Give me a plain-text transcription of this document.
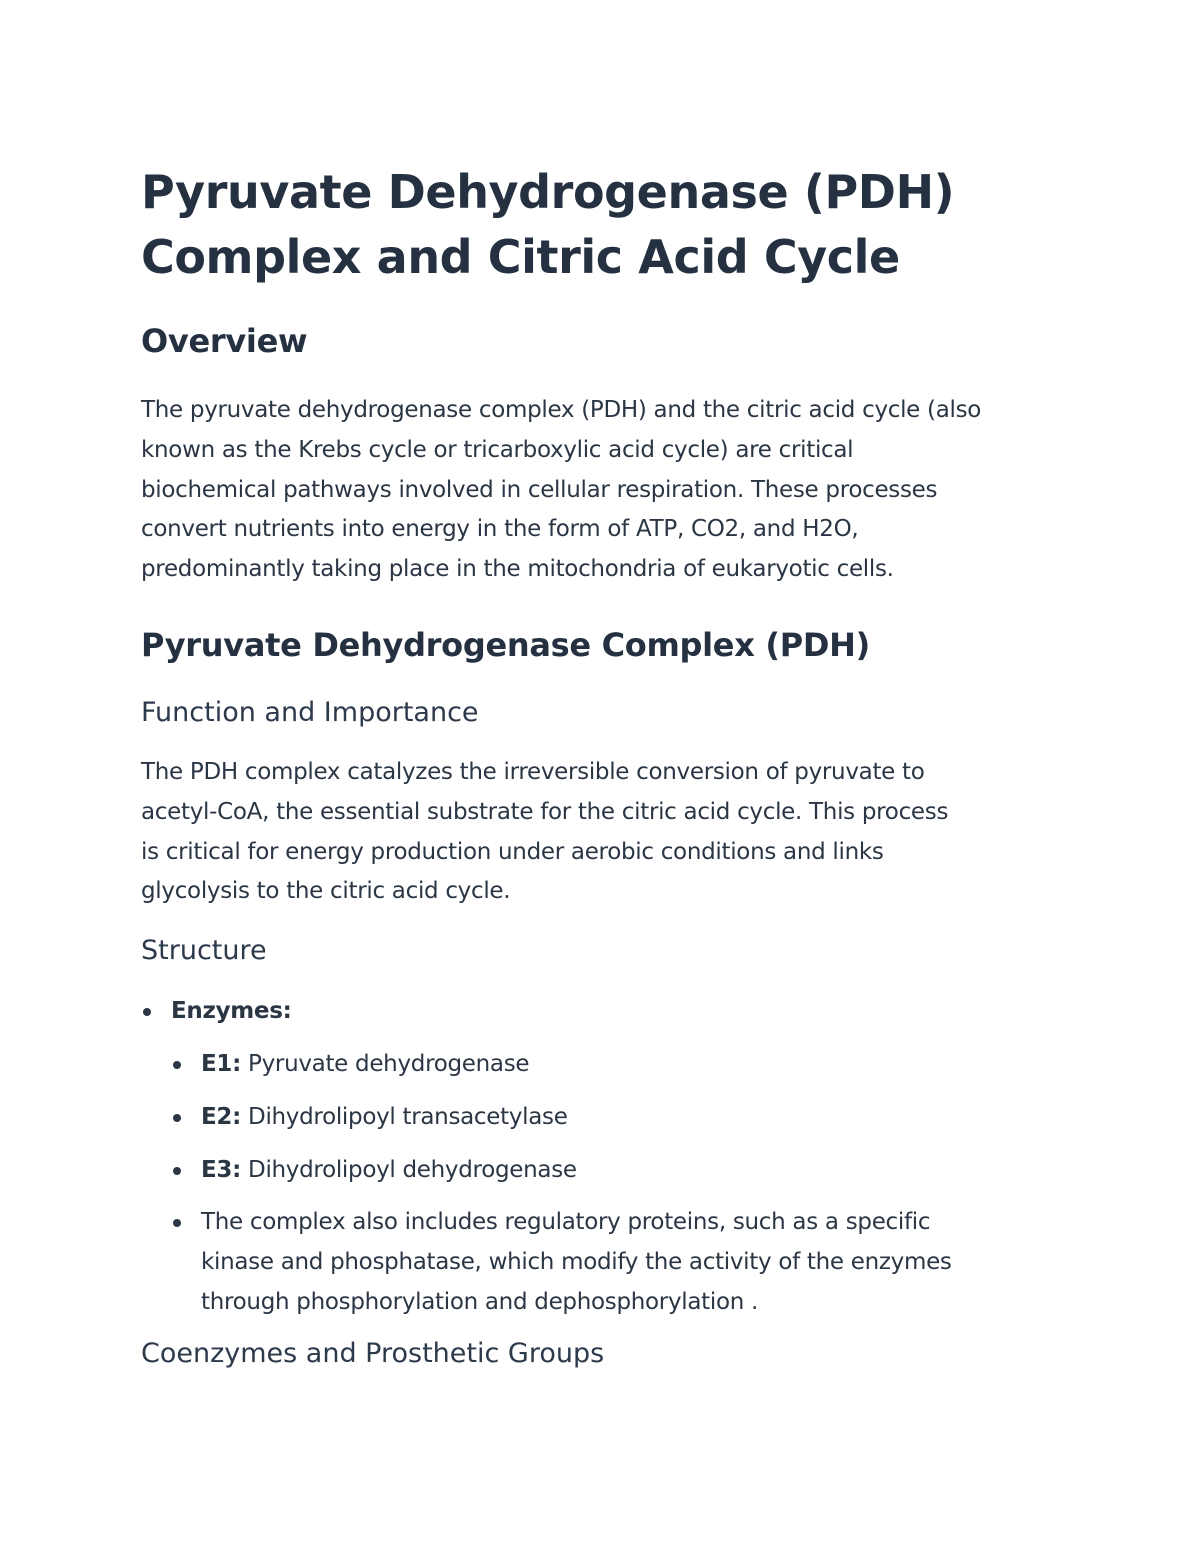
Pyruvate Dehydrogenase (PDH)
Complex and Citric Acid Cycle
Overview

The pyruvate dehydrogenase complex (PDH) and the citric acid cycle (also
known as the Krebs cycle or tricarboxylic acid cycle) are critical
biochemical pathways involved in cellular respiration. These processes
convert nutrients into energy in the form of ATP, CO2, and H2O,
predominantly taking place in the mitochondria of eukaryotic cells.

Pyruvate Dehydrogenase Complex (PDH)
Function and Importance

The PDH complex catalyzes the irreversible conversion of pyruvate to
acetyl-CoA, the essential substrate for the citric acid cycle. This process
is critical for energy production under aerobic conditions and links
glycolysis to the citric acid cycle.

Structure
Enzymes:
E1: Pyruvate dehydrogenase
E2: Dihydrolipoyl transacetylase
E3: Dihydrolipoyl dehydrogenase
The complex also includes regulatory proteins, such as a specific
kinase and phosphatase, which modify the activity of the enzymes
through phosphorylation and dephosphorylation .
Coenzymes and Prosthetic Groups
